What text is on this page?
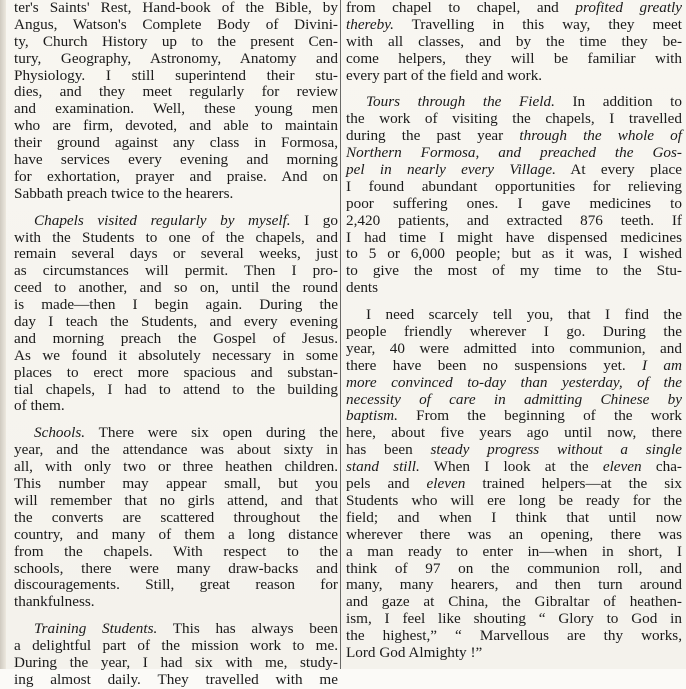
ter's Saints' Rest, Hand-book of the Bible, by
Angus, Watson's Complete Body of Divini-
ty, Church History up to the present Cen-
tury, Geography, Astronomy, Anatomy and
Physiology. I still superintend their stu-
dies, and they meet regularly for review
and examination. Well, these young men
who are firm, devoted, and able to maintain
their ground against any class in Formosa,
have services every evening and morning
for exhortation, prayer and praise. And on
Sabbath preach twice to the hearers.
Chapels visited regularly by myself. I go
with the Students to one of the chapels, and
remain several days or several weeks, just
as circumstances will permit. Then I pro-
ceed to another, and so on, until the round
is made—then I begin again. During the
day I teach the Students, and every evening
and morning preach the Gospel of Jesus.
As we found it absolutely necessary in some
places to erect more spacious and substan-
tial chapels, I had to attend to the building
of them.
Schools. There were six open during the
year, and the attendance was about sixty in
all, with only two or three heathen children.
This number may appear small, but you
will remember that no girls attend, and that
the converts are scattered throughout the
country, and many of them a long distance
from the chapels. With respect to the
schools, there were many draw-backs and
discouragements. Still, great reason for
thankfulness.
Training Students. This has always been
a delightful part of the mission work to me.
During the year, I had six with me, study-
ing almost daily. They travelled with me
from chapel to chapel, and profited greatly
thereby. Travelling in this way, they meet
with all classes, and by the time they be-
come helpers, they will be familiar with
every part of the field and work.
Tours through the Field. In addition to
the work of visiting the chapels, I travelled
during the past year through the whole of
Northern Formosa, and preached the Gos-
pel in nearly every Village. At every place
I found abundant opportunities for relieving
poor suffering ones. I gave medicines to
2,420 patients, and extracted 876 teeth. If
I had time I might have dispensed medicines
to 5 or 6,000 people; but as it was, I wished
to give the most of my time to the Stu-
dents
I need scarcely tell you, that I find the
people friendly wherever I go. During the
year, 40 were admitted into communion, and
there have been no suspensions yet. I am
more convinced to-day than yesterday, of the
necessity of care in admitting Chinese by
baptism. From the beginning of the work
here, about five years ago until now, there
has been steady progress without a single
stand still. When I look at the eleven cha-
pels and eleven trained helpers—at the six
Students who will ere long be ready for the
field; and when I think that until now
wherever there was an opening, there was
a man ready to enter in—when in short, I
think of 97 on the communion roll, and
many, many hearers, and then turn around
and gaze at China, the Gibraltar of heathen-
ism, I feel like shouting “ Glory to God in
the highest,” “ Marvellous are thy works,
Lord God Almighty !”
